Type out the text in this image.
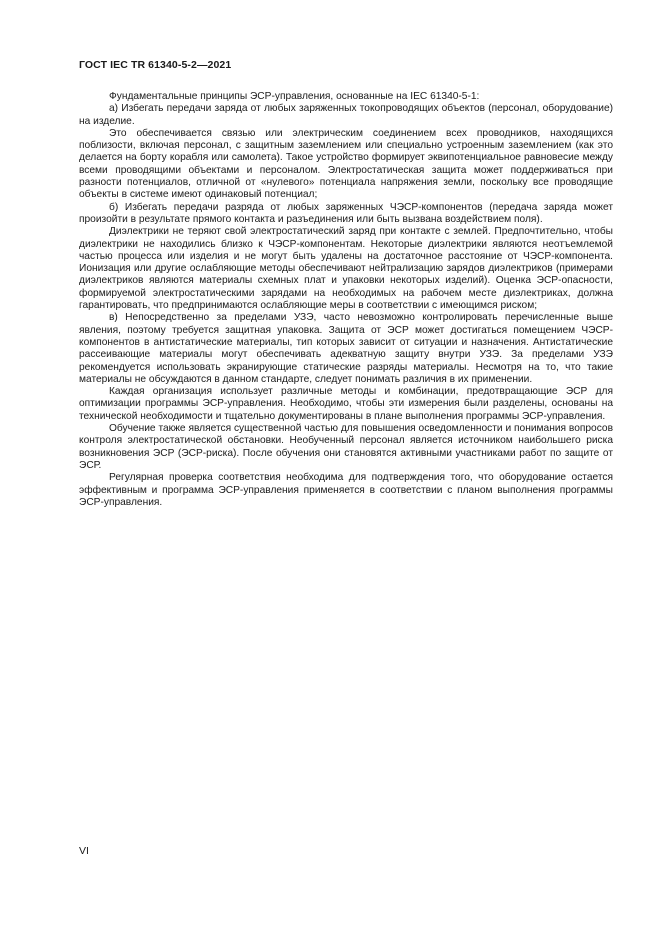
ГОСТ IEC TR 61340-5-2—2021

Фундаментальные принципы ЭСР-управления, основанные на IEC 61340-5-1:

а) Избегать передачи заряда от любых заряженных токопроводящих объектов (персонал, оборудование) на изделие.

Это обеспечивается связью или электрическим соединением всех проводников, находящихся поблизости, включая персонал, с защитным заземлением или специально устроенным заземлением (как это делается на борту корабля или самолета). Такое устройство формирует эквипотенциальное равновесие между всеми проводящими объектами и персоналом. Электростатическая защита может поддерживаться при разности потенциалов, отличной от «нулевого» потенциала напряжения земли, поскольку все проводящие объекты в системе имеют одинаковый потенциал;

б) Избегать передачи разряда от любых заряженных ЧЭСР-компонентов (передача заряда может произойти в результате прямого контакта и разъединения или быть вызвана воздействием поля).

Диэлектрики не теряют свой электростатический заряд при контакте с землей. Предпочтительно, чтобы диэлектрики не находились близко к ЧЭСР-компонентам. Некоторые диэлектрики являются неотъемлемой частью процесса или изделия и не могут быть удалены на достаточное расстояние от ЧЭСР-компонента. Ионизация или другие ослабляющие методы обеспечивают нейтрализацию зарядов диэлектриков (примерами диэлектриков являются материалы схемных плат и упаковки некоторых изделий). Оценка ЭСР-опасности, формируемой электростатическими зарядами на необходимых на рабочем месте диэлектриках, должна гарантировать, что предпринимаются ослабляющие меры в соответствии с имеющимся риском;

в) Непосредственно за пределами УЗЭ, часто невозможно контролировать перечисленные выше явления, поэтому требуется защитная упаковка. Защита от ЭСР может достигаться помещением ЧЭСР-компонентов в антистатические материалы, тип которых зависит от ситуации и назначения. Антистатические рассеивающие материалы могут обеспечивать адекватную защиту внутри УЗЭ. За пределами УЗЭ рекомендуется использовать экранирующие статические разряды материалы. Несмотря на то, что такие материалы не обсуждаются в данном стандарте, следует понимать различия в их применении.

Каждая организация использует различные методы и комбинации, предотвращающие ЭСР для оптимизации программы ЭСР-управления. Необходимо, чтобы эти измерения были разделены, основаны на технической необходимости и тщательно документированы в плане выполнения программы ЭСР-управления.

Обучение также является существенной частью для повышения осведомленности и понимания вопросов контроля электростатической обстановки. Необученный персонал является источником наибольшего риска возникновения ЭСР (ЭСР-риска). После обучения они становятся активными участниками работ по защите от ЭСР.

Регулярная проверка соответствия необходима для подтверждения того, что оборудование остается эффективным и программа ЭСР-управления применяется в соответствии с планом выполнения программы ЭСР-управления.

VI
